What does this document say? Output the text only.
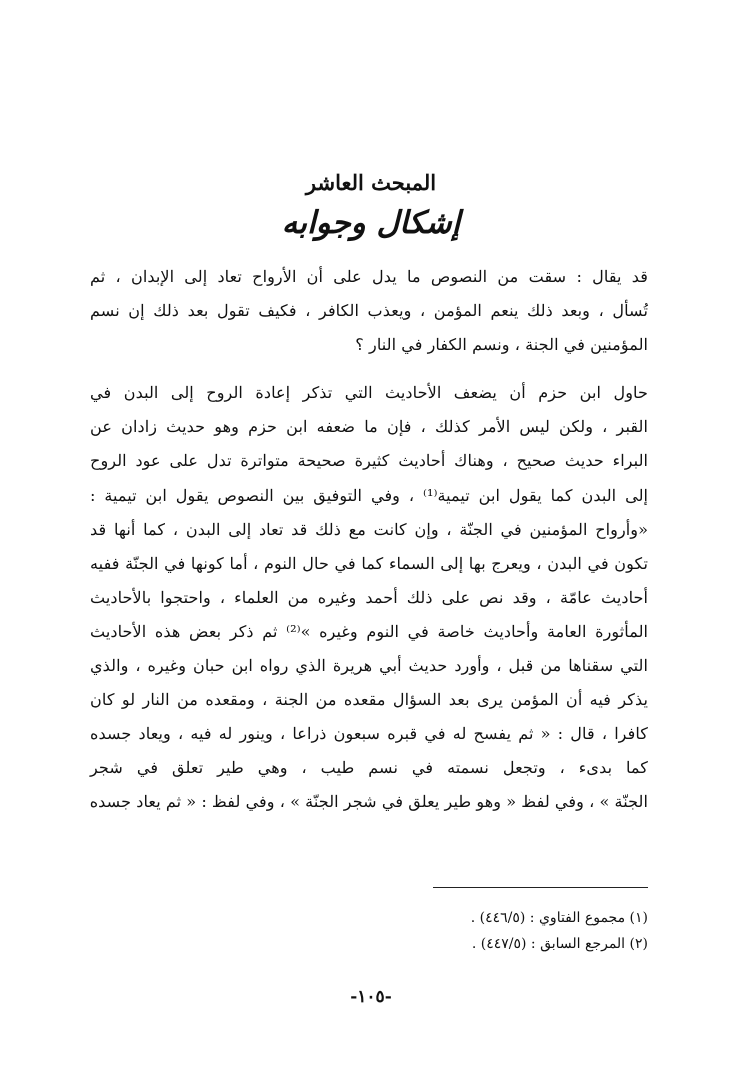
المبحث العاشر
إشكال وجوابه
قد يقال : سقت من النصوص ما يدل على أن الأرواح تعاد إلى الإبدان ، ثم
تُسأل ، وبعد ذلك ينعم المؤمن ، ويعذب الكافر ، فكيف تقول بعد ذلك إن نسم
المؤمنين في الجنة ، ونسم الكفار في النار ؟
حاول ابن حزم أن يضعف الأحاديث التي تذكر إعادة الروح إلى البدن في
القبر ، ولكن ليس الأمر كذلك ، فإن ما ضعفه ابن حزم وهو حديث زادان عن
البراء حديث صحيح ، وهناك أحاديث كثيرة صحيحة متواترة تدل على عود الروح
إلى البدن كما يقول ابن تيمية⁽¹⁾ ، وفي التوفيق بين النصوص يقول ابن تيمية :
«وأرواح المؤمنين في الجنّة ، وإن كانت مع ذلك قد تعاد إلى البدن ، كما أنها قد
تكون في البدن ، ويعرج بها إلى السماء كما في حال النوم ، أما كونها في الجنّة ففيه
أحاديث عامّة ، وقد نص على ذلك أحمد وغيره من العلماء ، واحتجوا بالأحاديث
المأثورة العامة وأحاديث خاصة في النوم وغيره »⁽²⁾ ثم ذكر بعض هذه الأحاديث
التي سقناها من قبل ، وأورد حديث أبي هريرة الذي رواه ابن حبان وغيره ، والذي
يذكر فيه أن المؤمن يرى بعد السؤال مقعده من الجنة ، ومقعده من النار لو كان
كافرا ، قال : « ثم يفسح له في قبره سبعون ذراعا ، وينور له فيه ، ويعاد جسده
كما بدىء ، وتجعل نسمته في نسم طيب ، وهي طير تعلق في شجر
الجنّة » ، وفي لفظ « وهو طير يعلق في شجر الجنّة » ، وفي لفظ : « ثم يعاد جسده
(١) مجموع الفتاوي : (٤٤٦/٥) .
(٢) المرجع السابق : (٤٤٧/٥) .
-١٠٥-
